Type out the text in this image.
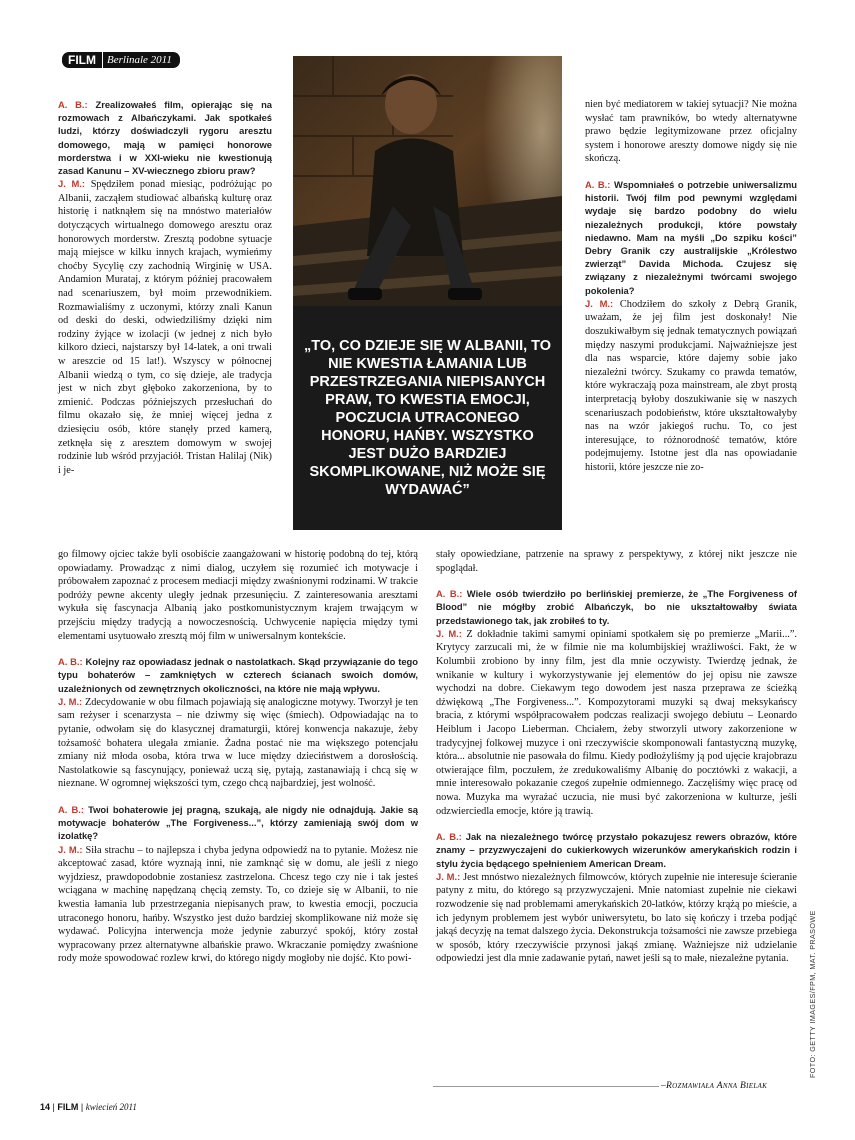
FILM	Berlinale 2011
„TO, CO DZIEJE SIĘ W ALBANII, TO NIE KWESTIA ŁAMANIA LUB PRZESTRZEGANIA NIEPISANYCH PRAW, TO KWESTIA EMOCJI, POCZUCIA UTRACONEGO HONORU, HAŃBY. WSZYSTKO JEST DUŻO BARDZIEJ SKOMPLIKOWANE, NIŻ MOŻE SIĘ WYDAWAĆ”

A. B.: Zrealizowałeś film, opierając się na rozmowach z Albańczykami. Jak spotkałeś ludzi, którzy doświadczyli rygoru aresztu domowego, mają w pamięci honorowe morderstwa i w XXI-wieku nie kwestionują zasad Kanunu – XV-wiecznego zbioru praw?

J. M.: Spędziłem ponad miesiąc, podróżując po Albanii, zacząłem studiować albańską kulturę oraz historię i natknąłem się na mnóstwo materiałów dotyczących wirtualnego domowego aresztu oraz honorowych morderstw. Zresztą podobne sytuacje mają miejsce w kilku innych krajach, wymieńmy choćby Sycylię czy zachodnią Wirginię w USA. Andamion Murataj, z którym później pracowałem nad scenariuszem, był moim przewodnikiem. Rozmawialiśmy z uczonymi, którzy znali Kanun od deski do deski, odwiedziliśmy dzięki nim rodziny żyjące w izolacji (w jednej z nich było kilkoro dzieci, najstarszy był 14-latek, a oni trwali w areszcie od 15 lat!). Wszyscy w północnej Albanii wiedzą o tym, co się dzieje, ale tradycja jest w nich zbyt głęboko zakorzeniona, by to zmienić. Podczas późniejszych przesłuchań do filmu okazało się, że mniej więcej jedna z dziesięciu osób, które stanęły przed kamerą, zetknęła się z aresztem domowym w swojej rodzinie lub wśród przyjaciół. Tristan Halilaj (Nik) i je-

nien być mediatorem w takiej sytuacji? Nie można wysłać tam prawników, bo wtedy alternatywne prawo będzie legitymizowane przez oficjalny system i honorowe areszty domowe nigdy się nie skończą.

A. B.: Wspomniałeś o potrzebie uniwersalizmu historii. Twój film pod pewnymi względami wydaje się bardzo podobny do wielu niezależnych produkcji, które powstały niedawno. Mam na myśli „Do szpiku kości” Debry Granik czy australijskie „Królestwo zwierząt” Davida Michoda. Czujesz się związany z niezależnymi twórcami swojego pokolenia?

J. M.: Chodziłem do szkoły z Debrą Granik, uważam, że jej film jest doskonały! Nie doszukiwałbym się jednak tematycznych powiązań między naszymi produkcjami. Najważniejsze jest dla nas wsparcie, które dajemy sobie jako niezależni twórcy. Szukamy co prawda tematów, które wykraczają poza mainstream, ale zbyt prostą interpretacją byłoby doszukiwanie się w naszych scenariuszach podobieństw, które ukształtowałyby nas na wzór jakiegoś ruchu. To, co jest interesujące, to różnorodność tematów, które podejmujemy. Istotne jest dla nas opowiadanie historii, które jeszcze nie zo-

go filmowy ojciec także byli osobiście zaangażowani w historię podobną do tej, którą opowiadamy. Prowadząc z nimi dialog, uczyłem się rozumieć ich motywacje i próbowałem zapoznać z procesem mediacji między zwaśnionymi rodzinami. W trakcie podróży pewne akcenty uległy jednak przesunięciu. Z zainteresowania aresztami wykuła się fascynacja Albanią jako postkomunistycznym krajem trwającym w przejściu między tradycją a nowoczesnością. Uchwycenie napięcia między tymi elementami usytuowało zresztą mój film w uniwersalnym kontekście.

A. B.: Kolejny raz opowiadasz jednak o nastolatkach. Skąd przywiązanie do tego typu bohaterów – zamkniętych w czterech ścianach swoich domów, uzależnionych od zewnętrznych okoliczności, na które nie mają wpływu.

J. M.: Zdecydowanie w obu filmach pojawiają się analogiczne motywy. Tworzył je ten sam reżyser i scenarzysta – nie dziwmy się więc (śmiech). Odpowiadając na to pytanie, odwołam się do klasycznej dramaturgii, której konwencja nakazuje, żeby tożsamość bohatera ulegała zmianie. Żadna postać nie ma większego potencjału zmiany niż młoda osoba, która trwa w luce między dzieciństwem a dorosłością. Nastolatkowie są fascynujący, ponieważ uczą się, pytają, zastanawiają i chcą się w nieznane. W ogromnej większości tym, czego chcą najbardziej, jest wolność.

A. B.: Twoi bohaterowie jej pragną, szukają, ale nigdy nie odnajdują. Jakie są motywacje bohaterów „The Forgiveness...”, którzy zamieniają swój dom w izolatkę?

J. M.: Siła strachu – to najlepsza i chyba jedyna odpowiedź na to pytanie. Możesz nie akceptować zasad, które wyznają inni, nie zamknąć się w domu, ale jeśli z niego wyjdziesz, prawdopodobnie zostaniesz zastrzelona. Chcesz tego czy nie i tak jesteś wciągana w machinę napędzaną chęcią zemsty. To, co dzieje się w Albanii, to nie kwestia łamania lub przestrzegania niepisanych praw, to kwestia emocji, poczucia utraconego honoru, hańby. Wszystko jest dużo bardziej skomplikowane niż może się wydawać. Policyjna interwencja może jedynie zaburzyć spokój, który został wypracowany przez alternatywne albańskie prawo. Wkraczanie pomiędzy zwaśnione rody może spowodować rozlew krwi, do którego nigdy mogłoby nie dojść. Kto powi-

stały opowiedziane, patrzenie na sprawy z perspektywy, z której nikt jeszcze nie spoglądał.

A. B.: Wiele osób twierdziło po berlińskiej premierze, że „The Forgiveness of Blood” nie mógłby zrobić Albańczyk, bo nie ukształtowałby świata przedstawionego tak, jak zrobiłeś to ty.

J. M.: Z dokładnie takimi samymi opiniami spotkałem się po premierze „Marii...”. Krytycy zarzucali mi, że w filmie nie ma kolumbijskiej wrażliwości. Fakt, że w Kolumbii zrobiono by inny film, jest dla mnie oczywisty. Twierdzę jednak, że wnikanie w kultury i wykorzystywanie jej elementów do jej opisu nie zawsze wychodzi na dobre. Ciekawym tego dowodem jest nasza przeprawa ze ścieżką dźwiękową „The Forgiveness...”. Kompozytorami muzyki są dwaj meksykańscy bracia, z którymi współpracowałem podczas realizacji swojego debiutu – Leonardo Heiblum i Jacopo Lieberman. Chciałem, żeby stworzyli utwory zakorzenione w tradycyjnej folkowej muzyce i oni rzeczywiście skomponowali fantastyczną muzykę, która... absolutnie nie pasowała do filmu. Kiedy podłożyliśmy ją pod ujęcie krajobrazu otwierające film, poczułem, że zredukowaliśmy Albanię do pocztówki z wakacji, a mnie interesowało pokazanie czegoś zupełnie odmiennego. Zaczęliśmy więc pracę od nowa. Muzyka ma wyrażać uczucia, nie musi być zakorzeniona w kulturze, jeśli odzwierciedla emocje, które ją trawią.

A. B.: Jak na niezależnego twórcę przystało pokazujesz rewers obrazów, które znamy – przyzwyczajeni do cukierkowych wizerunków amerykańskich rodzin i stylu życia będącego spełnieniem American Dream.

J. M.: Jest mnóstwo niezależnych filmowców, których zupełnie nie interesuje ścieranie patyny z mitu, do którego są przyzwyczajeni. Mnie natomiast zupełnie nie ciekawi rozwodzenie się nad problemami amerykańskich 20-latków, którzy krążą po mieście, a ich jedynym problemem jest wybór uniwersytetu, bo lato się kończy i trzeba podjąć jakąś decyzję na temat dalszego życia. Dekonstrukcja tożsamości nie zawsze przebiega w sposób, który rzeczywiście przynosi jakąś zmianę. Ważniejsze niż udzielanie odpowiedzi jest dla mnie zadawanie pytań, nawet jeśli są to małe, niezależne pytania.

–Rozmawiała Anna Bielak
FOTO: GETTY IMAGES/FPM, MAT. PRASOWE
14 | FILM | kwiecień 2011
